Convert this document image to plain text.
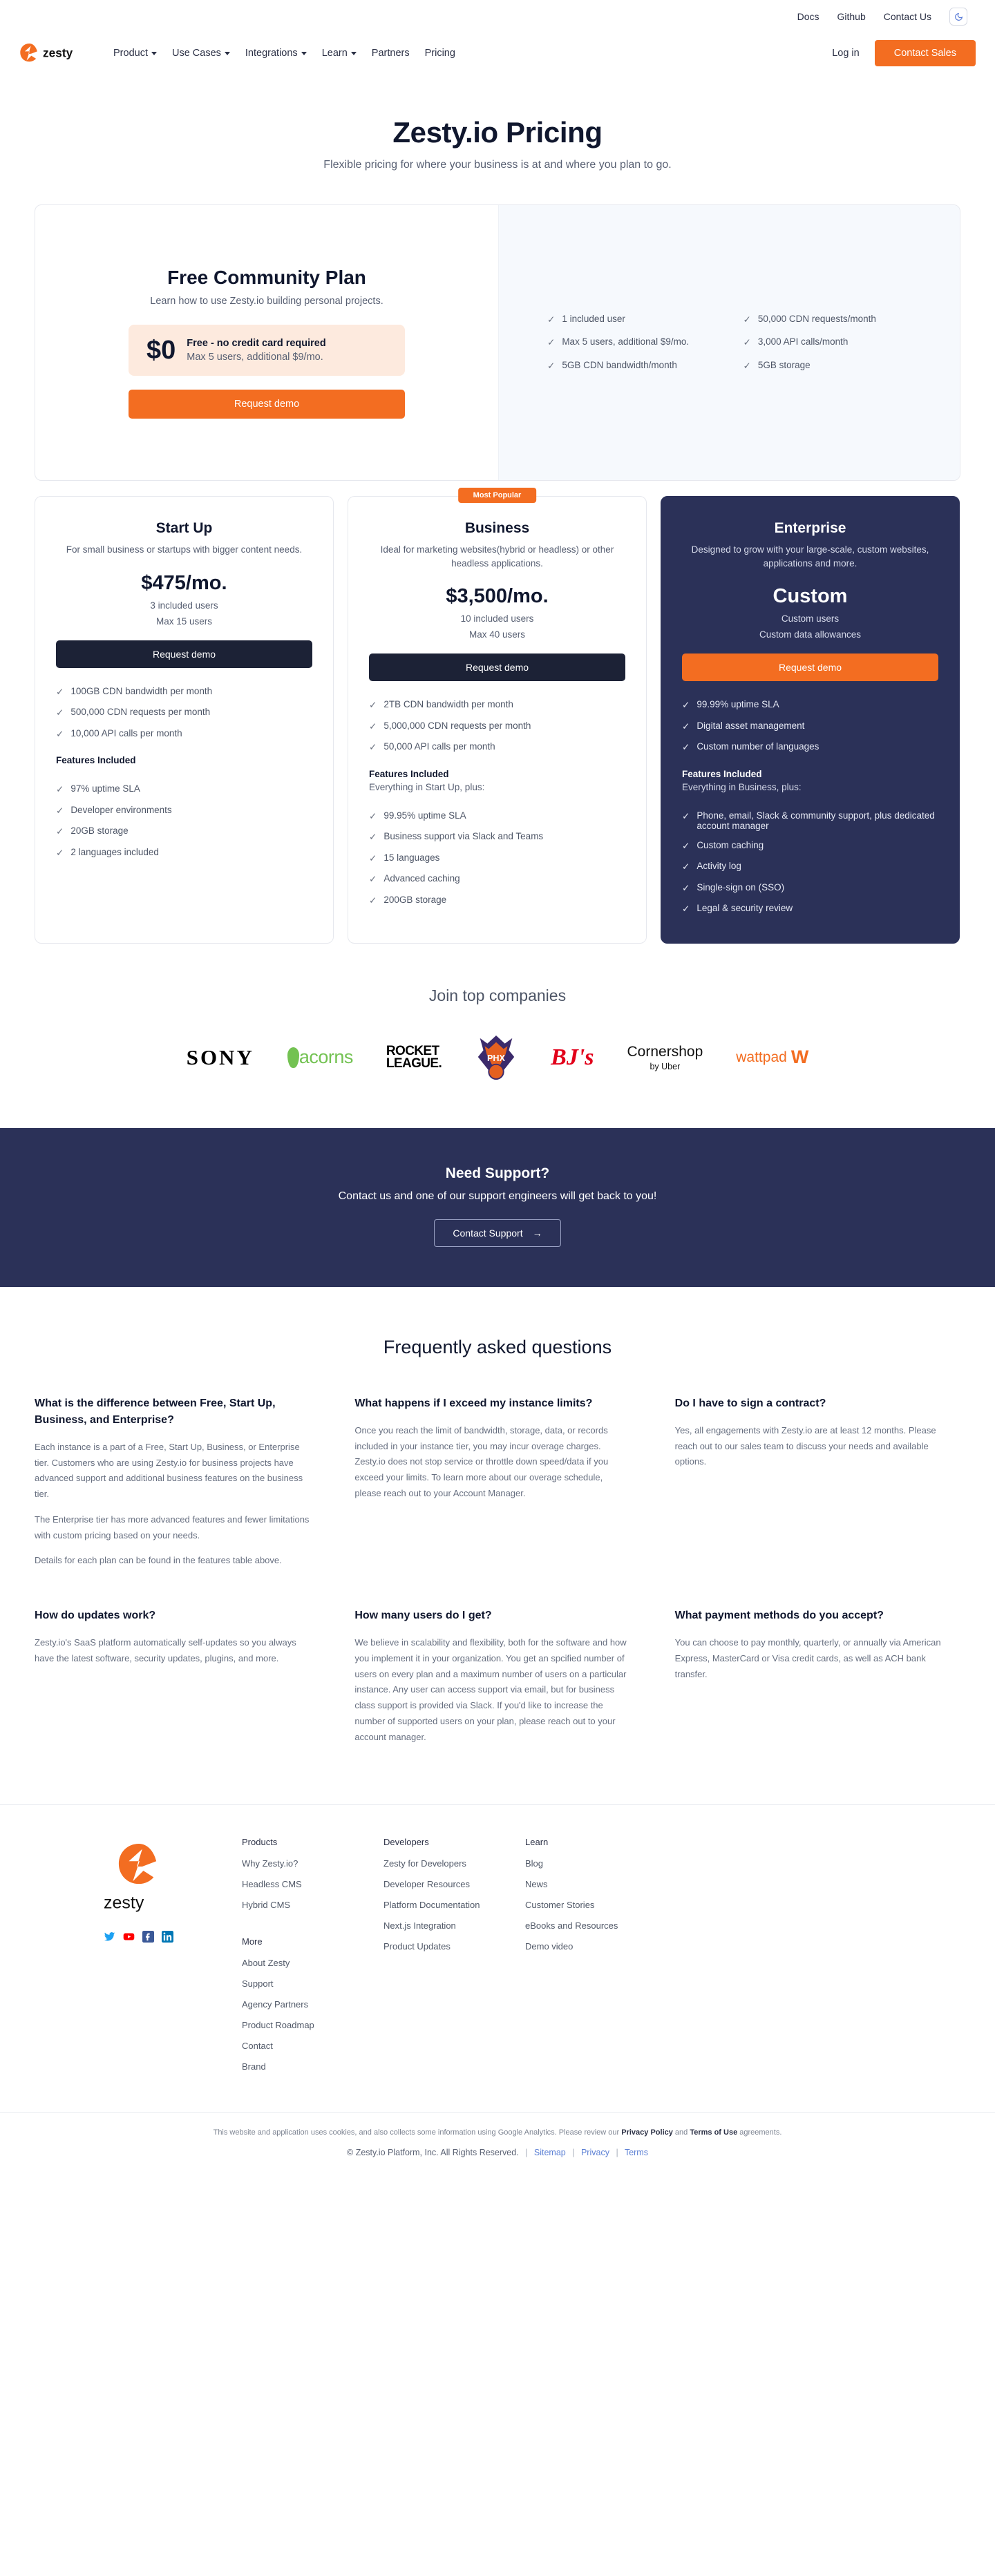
Docs Github Contact Us
zesty	Product Use Cases Integrations Learn Partners Pricing	Log in	Contact Sales
Zesty.io Pricing

Flexible pricing for where your business is at and where you plan to go.

Free Community Plan
Learn how to use Zesty.io building personal projects.
$0 Free - no credit card required
Max 5 users, additional $9/mo.
Request demo
✓ 1 included user	✓ 50,000 CDN requests/month
✓ Max 5 users, additional $9/mo.	✓ 3,000 API calls/month
✓ 5GB CDN bandwidth/month	✓ 5GB storage
Start Up
For small business or startups with bigger content needs.
$475/mo.
3 included users
Max 15 users
Request demo
✓ 100GB CDN bandwidth per month
✓ 500,000 CDN requests per month
✓ 10,000 API calls per month
Features Included
✓ 97% uptime SLA
✓ Developer environments
✓ 20GB storage
✓ 2 languages included
Most Popular
Business
Ideal for marketing websites(hybrid or headless) or other headless applications.
$3,500/mo.
10 included users
Max 40 users
Request demo
✓ 2TB CDN bandwidth per month
✓ 5,000,000 CDN requests per month
✓ 50,000 API calls per month
Features Included
Everything in Start Up, plus:
✓ 99.95% uptime SLA
✓ Business support via Slack and Teams
✓ 15 languages
✓ Advanced caching
✓ 200GB storage
Enterprise
Designed to grow with your large-scale, custom websites, applications and more.
Custom
Custom users
Custom data allowances
Request demo
✓ 99.99% uptime SLA
✓ Digital asset management
✓ Custom number of languages
Features Included
Everything in Business, plus:
✓ Phone, email, Slack & community support, plus dedicated account manager
✓ Custom caching
✓ Activity log
✓ Single-sign on (SSO)
✓ Legal & security review
Join top companies
SONY acorns	ROCKET
LEAGUE.	PHX BJ's Cornershop
by Uber
wattpad W
Need Support?

Contact us and one of our support engineers will get back to you!

Contact Support →
Frequently asked questions
What is the difference between Free, Start Up, Business, and Enterprise?

Each instance is a part of a Free, Start Up, Business, or Enterprise tier. Customers who are using Zesty.io for business projects have advanced support and additional business features on the business tier.

The Enterprise tier has more advanced features and fewer limitations with custom pricing based on your needs.

Details for each plan can be found in the features table above.

What happens if I exceed my instance limits?

Once you reach the limit of bandwidth, storage, data, or records included in your instance tier, you may incur overage charges. Zesty.io does not stop service or throttle down speed/data if you exceed your limits. To learn more about our overage schedule, please reach out to your Account Manager.

Do I have to sign a contract?

Yes, all engagements with Zesty.io are at least 12 months. Please reach out to our sales team to discuss your needs and available options.

How do updates work?

Zesty.io's SaaS platform automatically self-updates so you always have the latest software, security updates, plugins, and more.

How many users do I get?

We believe in scalability and flexibility, both for the software and how you implement it in your organization. You get an spcified number of users on every plan and a maximum number of users on a particular instance. Any user can access support via email, but for business class support is provided via Slack. If you'd like to increase the number of supported users on your plan, please reach out to your account manager.

What payment methods do you accept?

You can choose to pay monthly, quarterly, or annually via American Express, MasterCard or Visa credit cards, as well as ACH bank transfer.

zesty
Products
Why Zesty.io?
Headless CMS
Hybrid CMS
More
About Zesty
Support
Agency Partners
Product Roadmap
Contact
Brand
Developers
Zesty for Developers
Developer Resources
Platform Documentation
Next.js Integration
Product Updates
Learn
Blog
News
Customer Stories
eBooks and Resources
Demo video
This website and application uses cookies, and also collects some information using Google Analytics. Please review our Privacy Policy and Terms of Use agreements.
© Zesty.io Platform, Inc. All Rights Reserved. | Sitemap | Privacy | Terms
